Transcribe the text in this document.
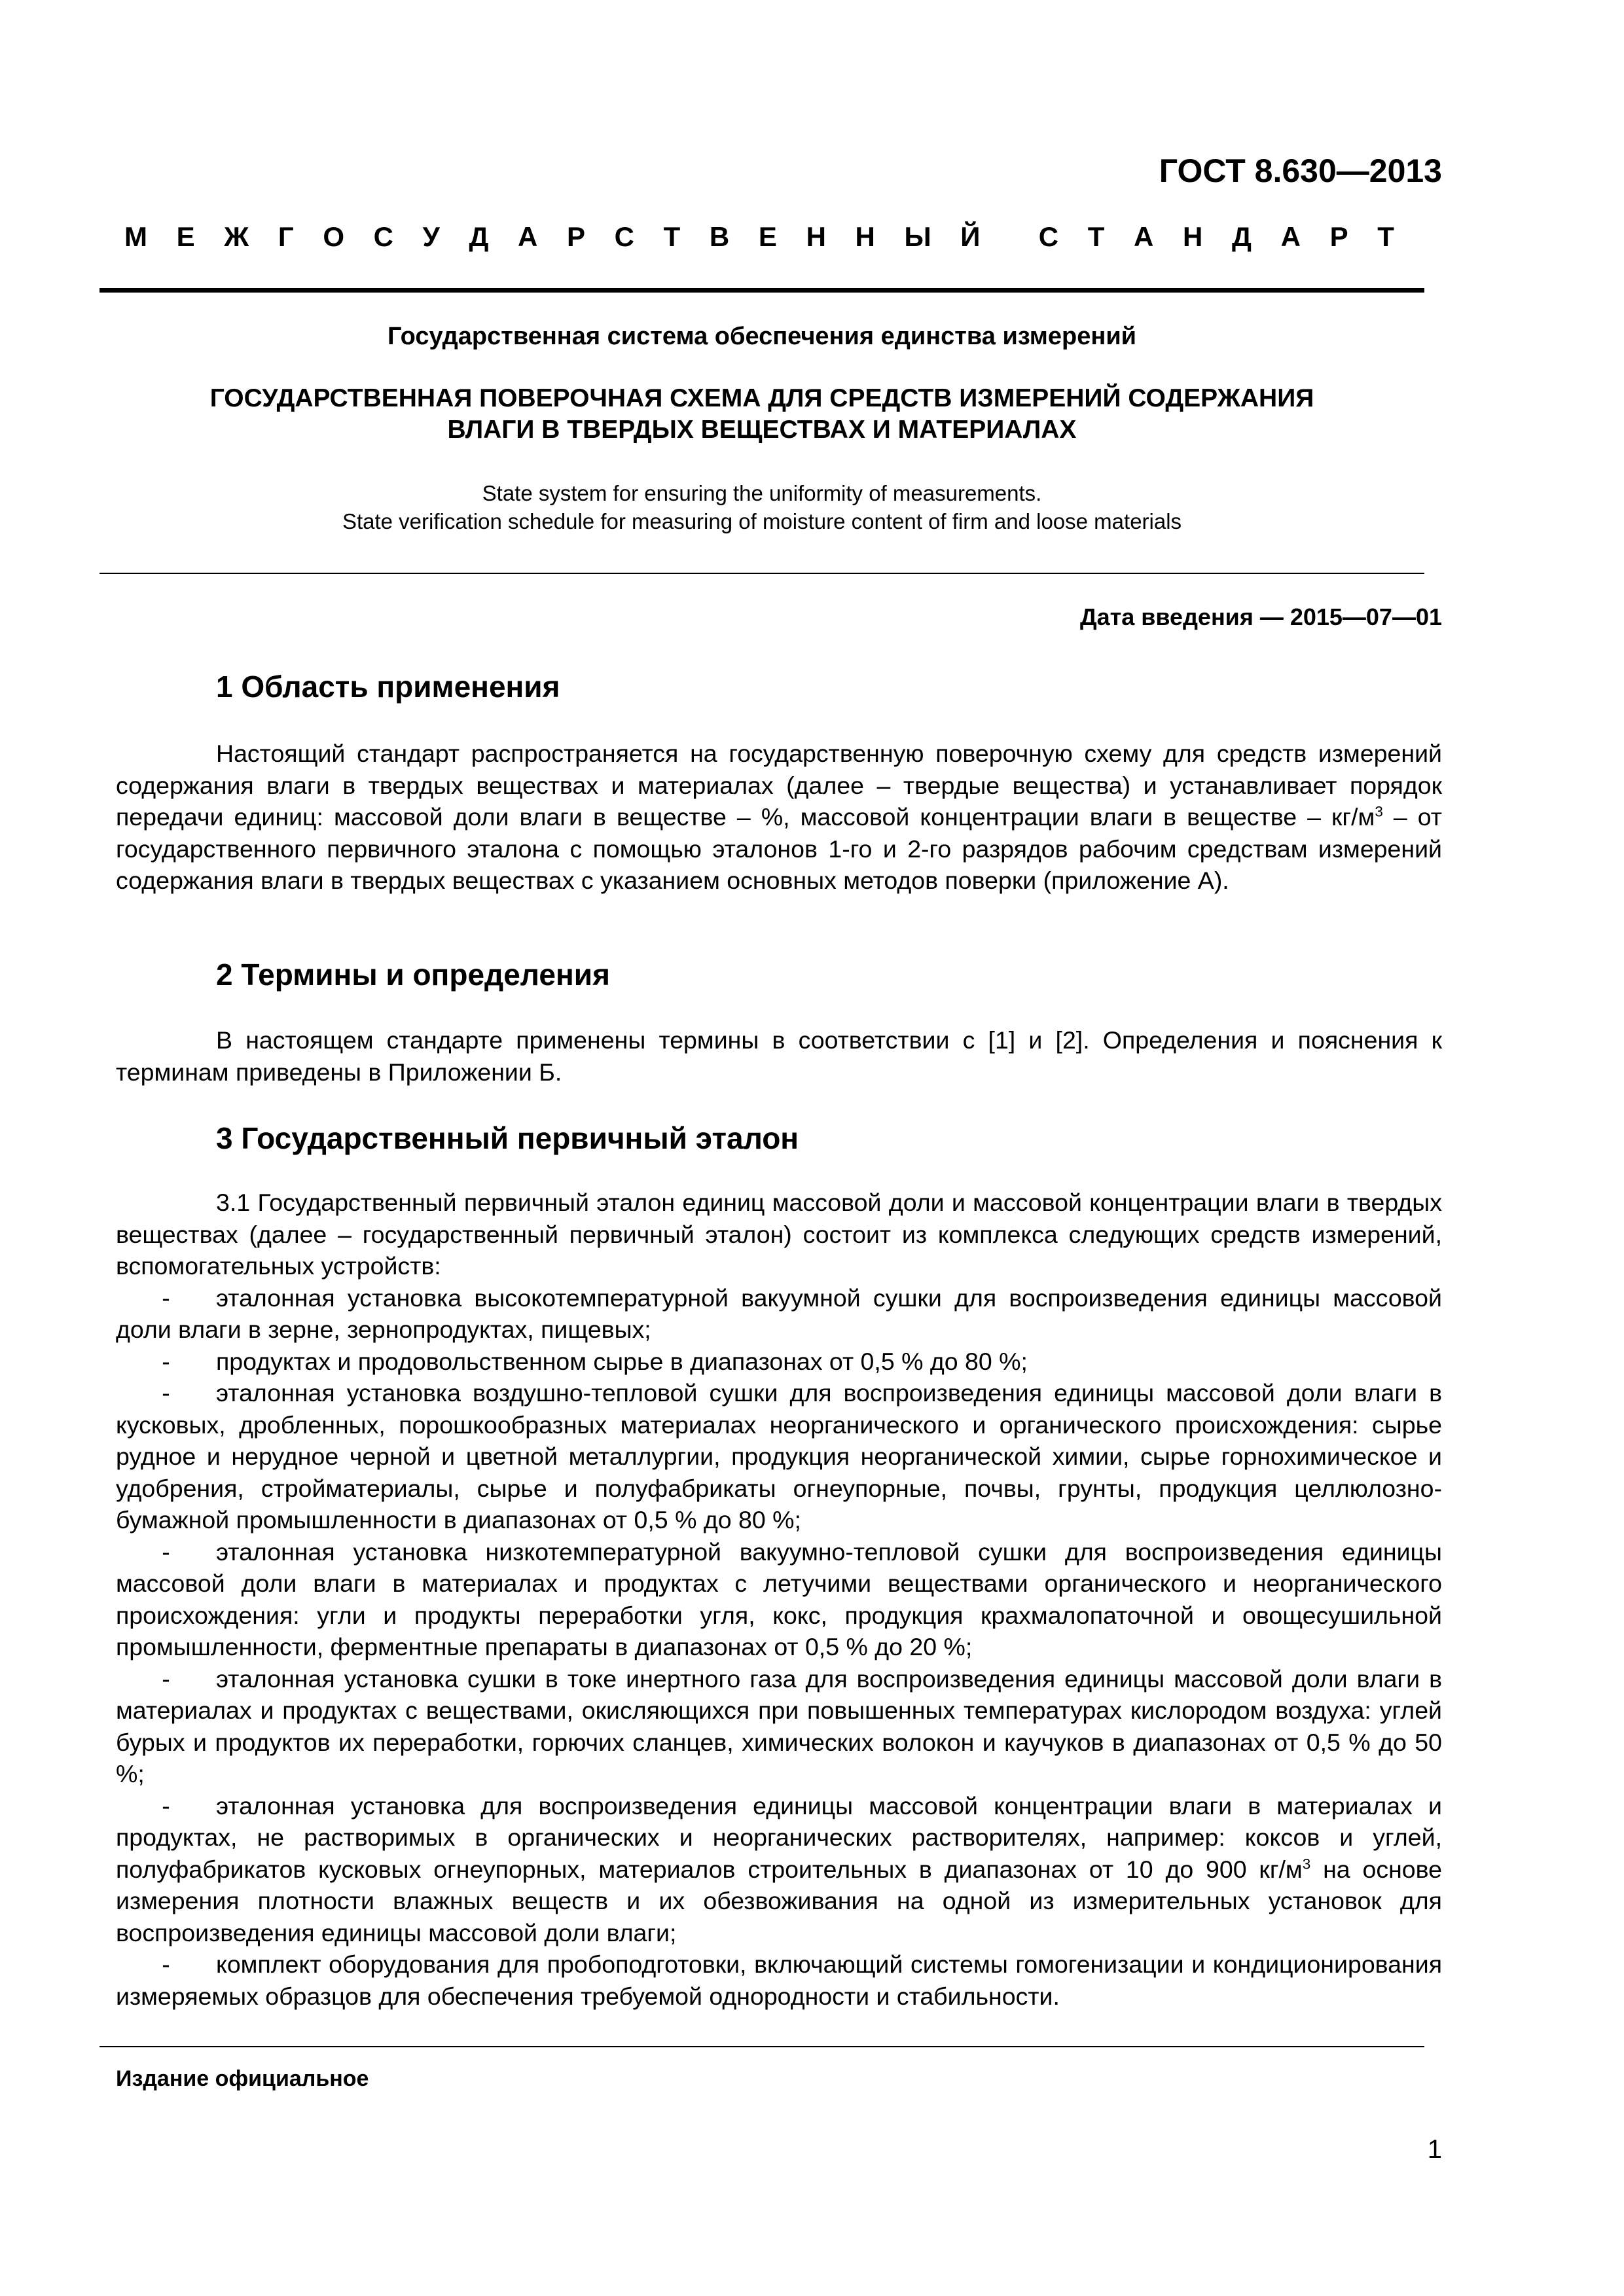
ГОСТ 8.630—2013
М Е Ж Г О С У Д А Р С Т В Е Н Н Ы Й С Т А Н Д А Р Т
Государственная система обеспечения единства измерений
ГОСУДАРСТВЕННАЯ ПОВЕРОЧНАЯ СХЕМА ДЛЯ СРЕДСТВ ИЗМЕРЕНИЙ СОДЕРЖАНИЯ
ВЛАГИ В ТВЕРДЫХ ВЕЩЕСТВАХ И МАТЕРИАЛАХ
State system for ensuring the uniformity of measurements.
State verification schedule for measuring of moisture content of firm and loose materials
Дата введения — 2015—07—01
1 Область применения

Настоящий стандарт распространяется на государственную поверочную схему для средств измерений содержания влаги в твердых веществах и материалах (далее – твердые вещества) и устанавливает порядок передачи единиц: массовой доли влаги в веществе – %, массовой концентрации влаги в веществе – $кг/м^3$ – от государственного первичного эталона с помощью эталонов 1-го и 2-го разрядов рабочим средствам измерений содержания влаги в твердых веществах с указанием основных методов поверки (приложение А).

2 Термины и определения

В настоящем стандарте применены термины в соответствии с [1] и [2]. Определения и пояснения к терминам приведены в Приложении Б.

3 Государственный первичный эталон

3.1 Государственный первичный эталон единиц массовой доли и массовой концентрации влаги в твердых веществах (далее – государственный первичный эталон) состоит из комплекса следующих средств измерений, вспомогательных устройств:

- эталонная установка высокотемпературной вакуумной сушки для воспроизведения единицы массовой доли влаги в зерне, зернопродуктах, пищевых;

- продуктах и продовольственном сырье в диапазонах от 0,5 % до 80 %;

- эталонная установка воздушно-тепловой сушки для воспроизведения единицы массовой доли влаги в кусковых, дробленных, порошкообразных материалах неорганического и органического происхождения: сырье рудное и нерудное черной и цветной металлургии, продукция неорганической химии, сырье горнохимическое и удобрения, стройматериалы, сырье и полуфабрикаты огнеупорные, почвы, грунты, продукция целлюлозно-бумажной промышленности в диапазонах от 0,5 % до 80 %;

- эталонная установка низкотемпературной вакуумно-тепловой сушки для воспроизведения единицы массовой доли влаги в материалах и продуктах с летучими веществами органического и неорганического происхождения: угли и продукты переработки угля, кокс, продукция крахмалопаточной и овощесушильной промышленности, ферментные препараты в диапазонах от 0,5 % до 20 %;

- эталонная установка сушки в токе инертного газа для воспроизведения единицы массовой доли влаги в материалах и продуктах с веществами, окисляющихся при повышенных температурах кислородом воздуха: углей бурых и продуктов их переработки, горючих сланцев, химических волокон и каучуков в диапазонах от 0,5 % до 50 %;

- эталонная установка для воспроизведения единицы массовой концентрации влаги в материалах и продуктах, не растворимых в органических и неорганических растворителях, например: коксов и углей, полуфабрикатов кусковых огнеупорных, материалов строительных в диапазонах от 10 до 900 $кг/м^3$ на основе измерения плотности влажных веществ и их обезвоживания на одной из измерительных установок для воспроизведения единицы массовой доли влаги;

- комплект оборудования для пробоподготовки, включающий системы гомогенизации и кондиционирования измеряемых образцов для обеспечения требуемой однородности и стабильности.

Издание официальное
1
